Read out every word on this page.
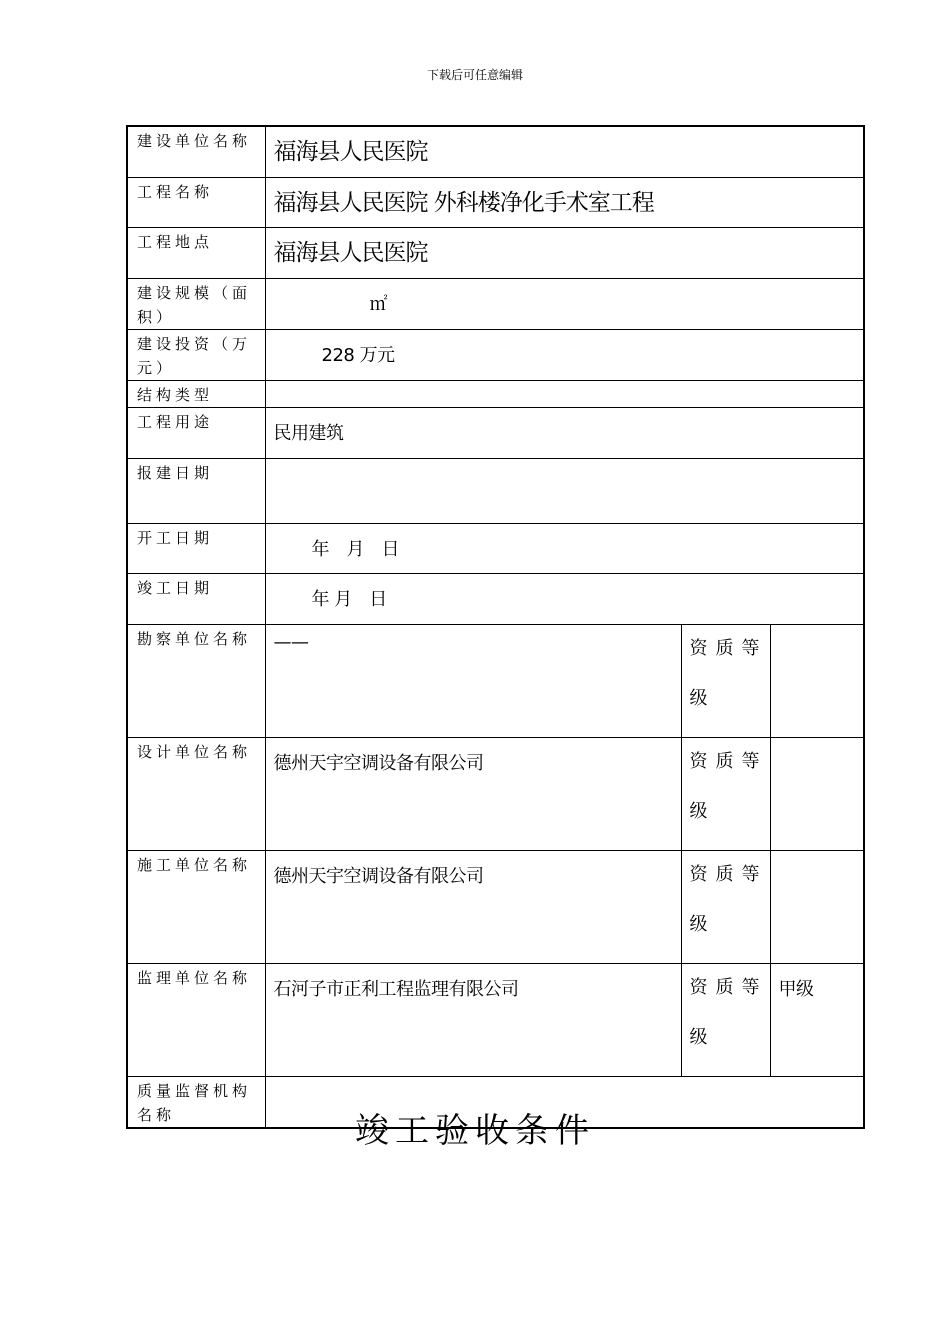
下载后可任意编辑
建设单位名称	福海县人民医院		
工程名称	福海县人民医院 外科楼净化手术室工程		
工程地点	福海县人民医院		
建设规模（面积）	㎡		
建设投资（万元）	228 万元		
结构类型			
工程用途	民用建筑		
报建日期			
开工日期	年　月　日		
竣工日期	年 月　日		
勘察单位名称	——	资质等
级	

设计单位名称	德州天宇空调设备有限公司	资质等
级	

施工单位名称	德州天宇空调设备有限公司	资质等
级	

监理单位名称	石河子市正利工程监理有限公司	资质等
级	甲级
质量监督机构名称				竣工验收条件
